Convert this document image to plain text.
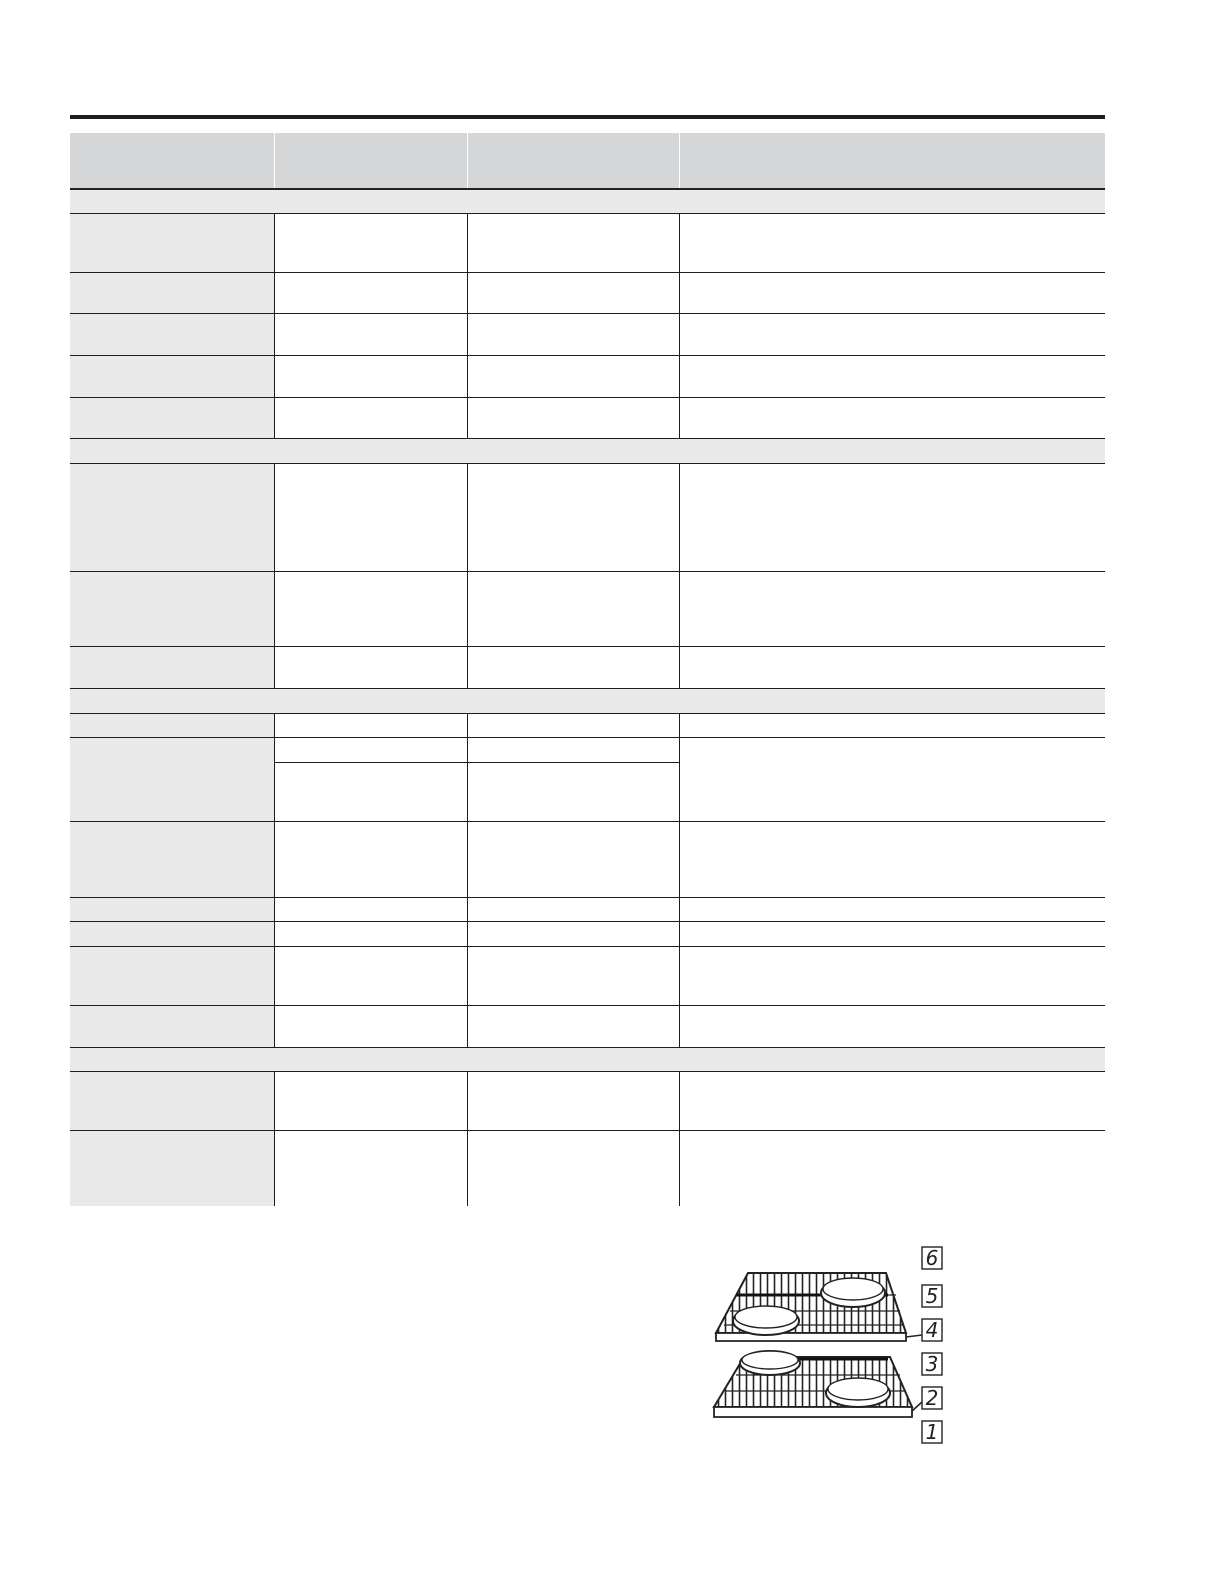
6
5
4
3
2
1
